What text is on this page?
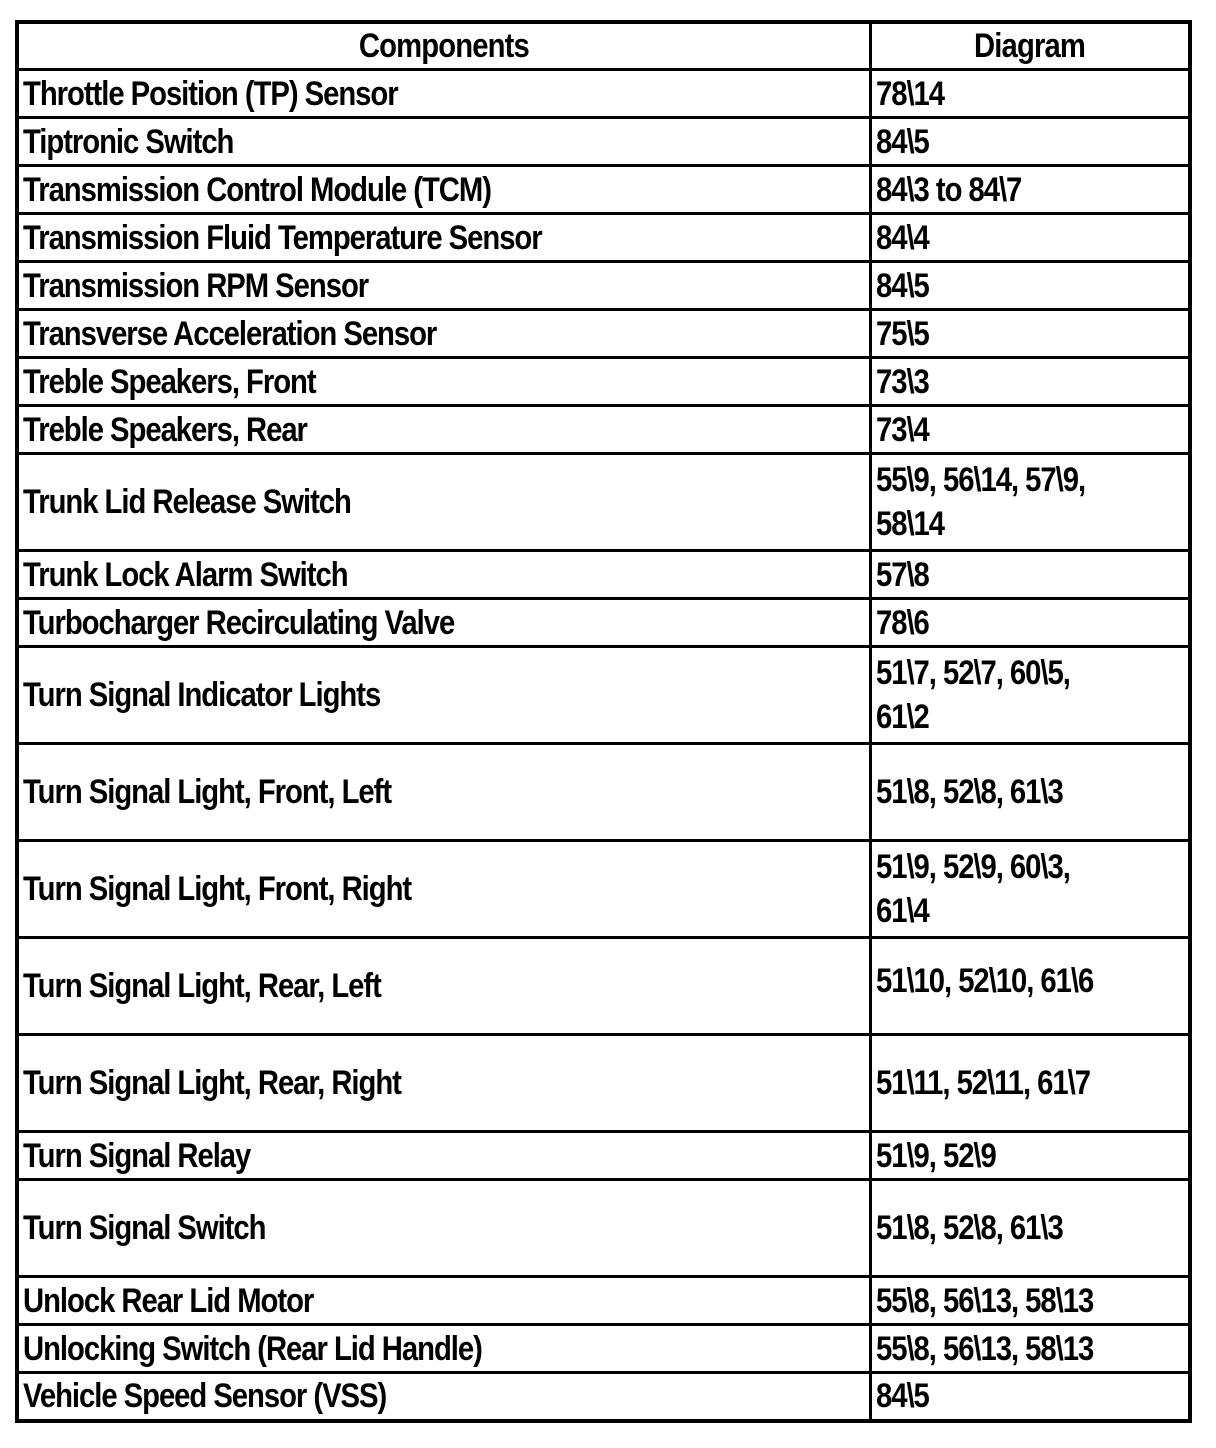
Components	Diagram
Throttle Position (TP) Sensor	78\14
Tiptronic Switch	84\5
Transmission Control Module (TCM)	84\3 to 84\7
Transmission Fluid Temperature Sensor	84\4
Transmission RPM Sensor	84\5
Transverse Acceleration Sensor	75\5
Treble Speakers, Front	73\3
Treble Speakers, Rear	73\4
Trunk Lid Release Switch	55\9, 56\14, 57\9,
58\14
Trunk Lock Alarm Switch	57\8
Turbocharger Recirculating Valve	78\6
Turn Signal Indicator Lights	51\7, 52\7, 60\5,
61\2
Turn Signal Light, Front, Left	51\8, 52\8, 61\3
Turn Signal Light, Front, Right	51\9, 52\9, 60\3,
61\4
Turn Signal Light, Rear, Left	51\10, 52\10, 61\6
Turn Signal Light, Rear, Right	51\11, 52\11, 61\7
Turn Signal Relay	51\9, 52\9
Turn Signal Switch	51\8, 52\8, 61\3
Unlock Rear Lid Motor	55\8, 56\13, 58\13
Unlocking Switch (Rear Lid Handle)	55\8, 56\13, 58\13
Vehicle Speed Sensor (VSS)	84\5
